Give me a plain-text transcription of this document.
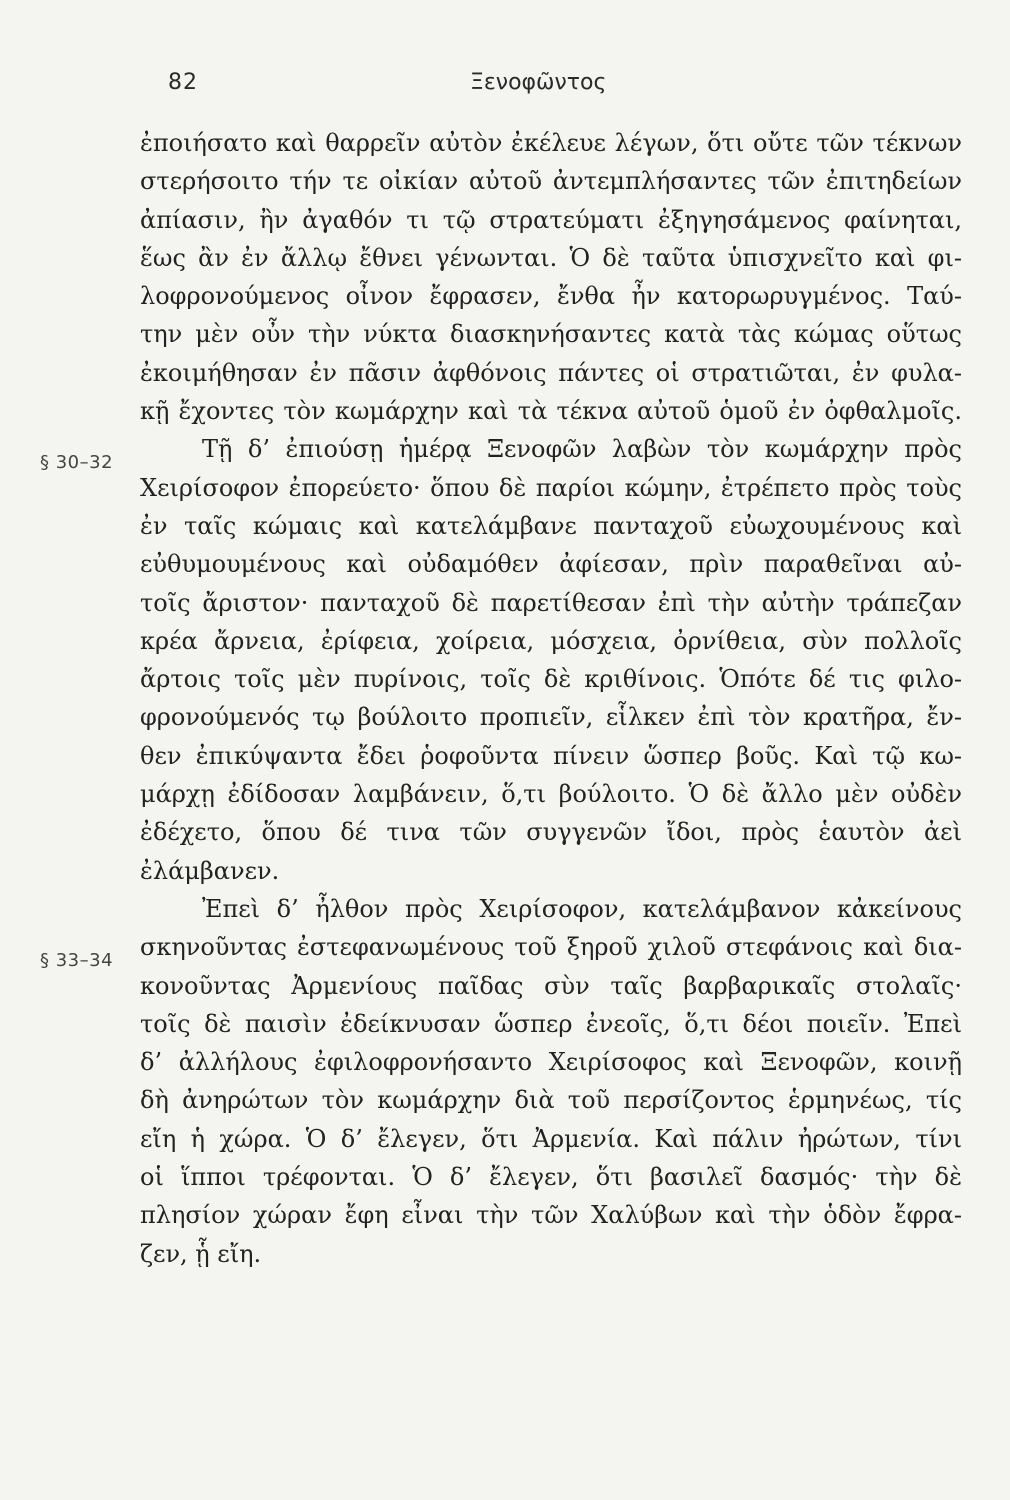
82	Ξενοφῶντος
§ 30–32
§ 33–34
ἐποιήσατο καὶ θαρρεῖν αὐτὸν ἐκέλευε λέγων, ὅτι οὔτε τῶν τέκνων
στερήσοιτο τήν τε οἰκίαν αὐτοῦ ἀντεμπλήσαντες τῶν ἐπιτηδείων
ἀπίασιν, ἢν ἀγαθόν τι τῷ στρατεύματι ἐξηγησάμενος φαίνηται,
ἕως ἂν ἐν ἄλλῳ ἔθνει γένωνται. Ὁ δὲ ταῦτα ὑπισχνεῖτο καὶ φι-
λοφρονούμενος οἶνον ἔφρασεν, ἔνθα ἦν κατορωρυγμένος. Ταύ-
την μὲν οὖν τὴν νύκτα διασκηνήσαντες κατὰ τὰς κώμας οὕτως
ἐκοιμήθησαν ἐν πᾶσιν ἀφθόνοις πάντες οἱ στρατιῶται, ἐν φυλα-
κῇ ἔχοντες τὸν κωμάρχην καὶ τὰ τέκνα αὐτοῦ ὁμοῦ ἐν ὀφθαλμοῖς.
Τῇ δ’ ἐπιούσῃ ἡμέρᾳ Ξενοφῶν λαβὼν τὸν κωμάρχην πρὸς
Χειρίσοφον ἐπορεύετο· ὅπου δὲ παρίοι κώμην, ἐτρέπετο πρὸς τοὺς
ἐν ταῖς κώμαις καὶ κατελάμβανε πανταχοῦ εὐωχουμένους καὶ
εὐθυμουμένους καὶ οὐδαμόθεν ἀφίεσαν, πρὶν παραθεῖναι αὐ-
τοῖς ἄριστον· πανταχοῦ δὲ παρετίθεσαν ἐπὶ τὴν αὐτὴν τράπεζαν
κρέα ἄρνεια, ἐρίφεια, χοίρεια, μόσχεια, ὀρνίθεια, σὺν πολλοῖς
ἄρτοις τοῖς μὲν πυρίνοις, τοῖς δὲ κριθίνοις. Ὁπότε δέ τις φιλο-
φρονούμενός τῳ βούλοιτο προπιεῖν, εἷλκεν ἐπὶ τὸν κρατῆρα, ἔν-
θεν ἐπικύψαντα ἔδει ῥοφοῦντα πίνειν ὥσπερ βοῦς. Καὶ τῷ κω-
μάρχῃ ἐδίδοσαν λαμβάνειν, ὅ,τι βούλοιτο. Ὁ δὲ ἄλλο μὲν οὐδὲν
ἐδέχετο, ὅπου δέ τινα τῶν συγγενῶν ἴδοι, πρὸς ἑαυτὸν ἀεὶ
ἐλάμβανεν.
Ἐπεὶ δ’ ἦλθον πρὸς Χειρίσοφον, κατελάμβανον κἀκείνους
σκηνοῦντας ἐστεφανωμένους τοῦ ξηροῦ χιλοῦ στεφάνοις καὶ δια-
κονοῦντας Ἀρμενίους παῖδας σὺν ταῖς βαρβαρικαῖς στολαῖς·
τοῖς δὲ παισὶν ἐδείκνυσαν ὥσπερ ἐνεοῖς, ὅ,τι δέοι ποιεῖν. Ἐπεὶ
δ’ ἀλλήλους ἐφιλοφρονήσαντο Χειρίσοφος καὶ Ξενοφῶν, κοινῇ
δὴ ἀνηρώτων τὸν κωμάρχην διὰ τοῦ περσίζοντος ἑρμηνέως, τίς
εἴη ἡ χώρα. Ὁ δ’ ἔλεγεν, ὅτι Ἀρμενία. Καὶ πάλιν ἠρώτων, τίνι
οἱ ἵπποι τρέφονται. Ὁ δ’ ἔλεγεν, ὅτι βασιλεῖ δασμός· τὴν δὲ
πλησίον χώραν ἔφη εἶναι τὴν τῶν Χαλύβων καὶ τὴν ὁδὸν ἔφρα-
ζεν, ᾗ εἴη.
